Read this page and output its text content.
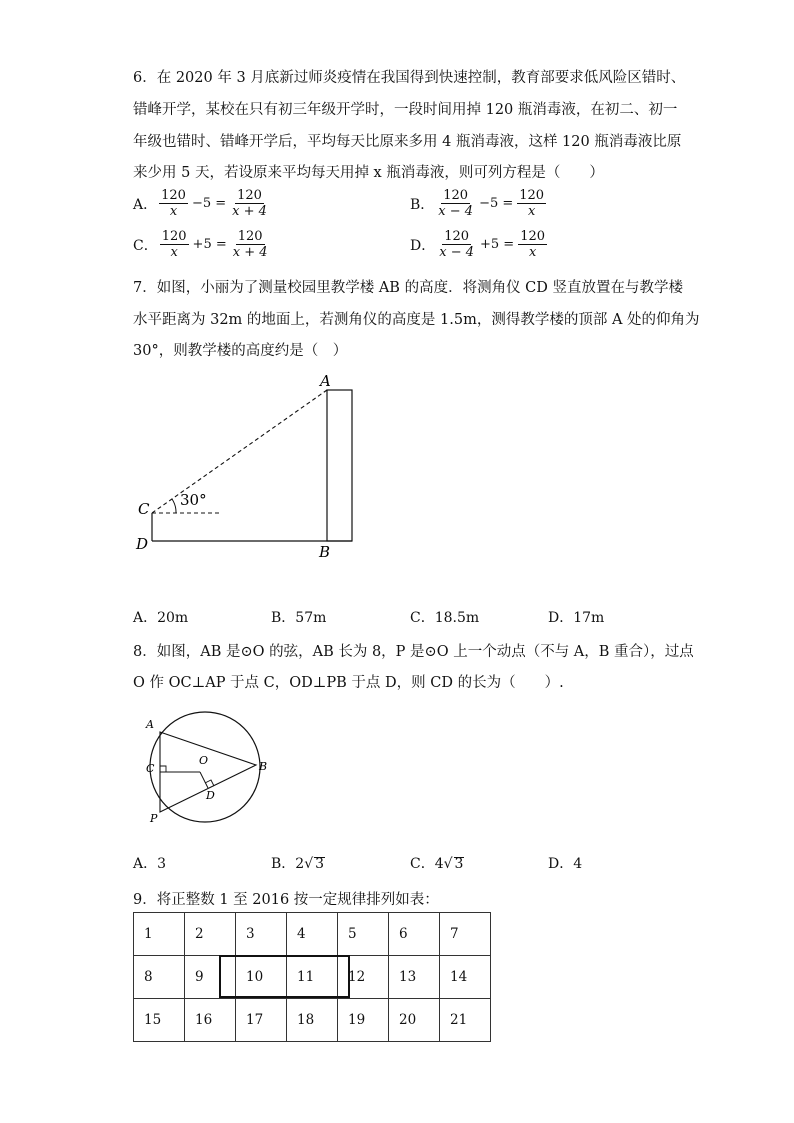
6．在 2020 年 3 月底新过师炎疫情在我国得到快速控制，教育部要求低风险区错时、
错峰开学，某校在只有初三年级开学时，一段时间用掉 120 瓶消毒液，在初二、初一
年级也错时、错峰开学后，平均每天比原来多用 4 瓶消毒液，这样 120 瓶消毒液比原
来少用 5 天，若设原来平均每天用掉 x 瓶消毒液，则可列方程是（　　）
A． $\frac{120}{x} -5 = \frac{120}{x + 4}$	B． $\frac{120}{x - 4} -5 = \frac{120}{x}$
C． $\frac{120}{x} +5 = \frac{120}{x + 4}$	D． $\frac{120}{x - 4} +5 = \frac{120}{x}$
7．如图，小丽为了测量校园里教学楼 AB 的高度．将测角仪 CD 竖直放置在与教学楼
水平距离为 32m 的地面上，若测角仪的高度是 1.5m，测得教学楼的顶部 A 处的仰角为
30°，则教学楼的高度约是（　）
30°
A
B
C
D
A．20m	B．57m	C．18.5m	D．17m
8．如图，AB 是⊙O 的弦，AB 长为 8，P 是⊙O 上一个动点（不与 A，B 重合），过点
O 作 OC⊥AP 于点 C，OD⊥PB 于点 D，则 CD 的长为（　　）.
A
B
C
D
O
P
A．3	B．2√ 3	C．4√ 3	D．4
9．将正整数 1 至 2016 按一定规律排列如表：
1	2	3	4	5	6	7
8	9	10	11	12	13	14
15	16	17	18	19	20	21
